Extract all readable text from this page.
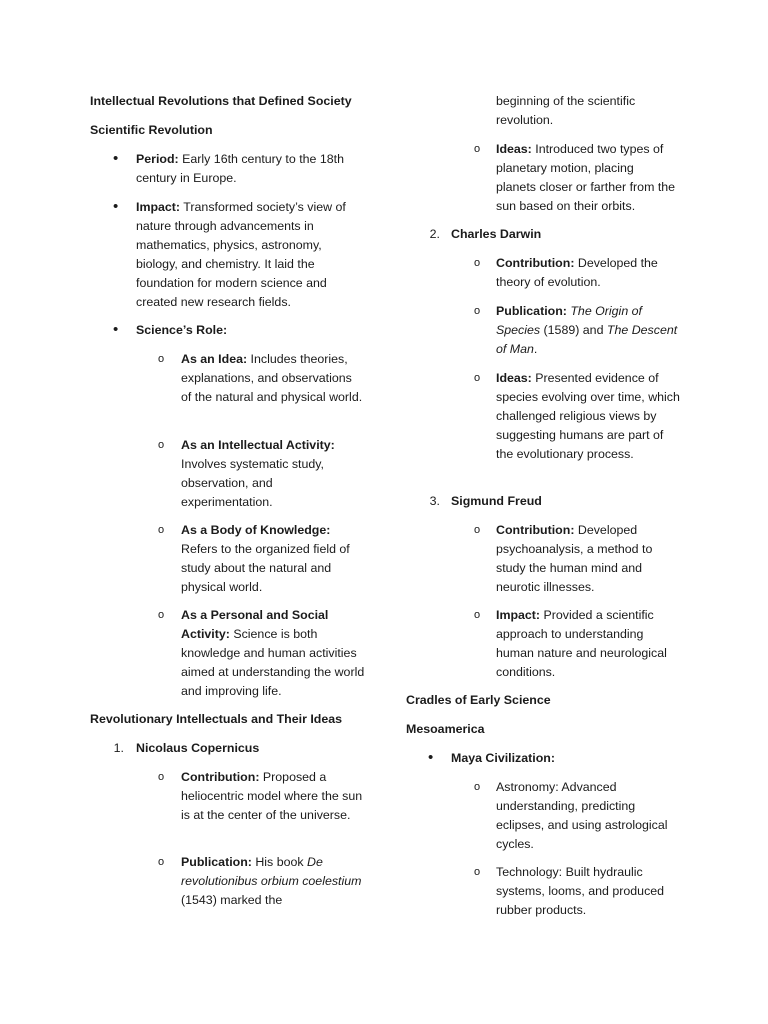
Intellectual Revolutions that Defined Society
Scientific Revolution
• Period: Early 16th century to the 18th century in Europe.
• Impact: Transformed society’s view of nature through advancements in mathematics, physics, astronomy, biology, and chemistry. It laid the foundation for modern science and created new research fields.
• Science’s Role:
o As an Idea: Includes theories, explanations, and observations of the natural and physical world.
o As an Intellectual Activity: Involves systematic study, observation, and experimentation.
o As a Body of Knowledge: Refers to the organized field of study about the natural and physical world.
o As a Personal and Social Activity: Science is both knowledge and human activities aimed at understanding the world and improving life.
Revolutionary Intellectuals and Their Ideas
1. Nicolaus Copernicus
o Contribution: Proposed a heliocentric model where the sun is at the center of the universe.
o Publication: His book De revolutionibus orbium coelestium (1543) marked the
beginning of the scientific revolution.
o Ideas: Introduced two types of planetary motion, placing planets closer or farther from the sun based on their orbits.
2. Charles Darwin
o Contribution: Developed the theory of evolution.
o Publication: The Origin of Species (1589) and The Descent of Man.
o Ideas: Presented evidence of species evolving over time, which challenged religious views by suggesting humans are part of the evolutionary process.
3. Sigmund Freud
o Contribution: Developed psychoanalysis, a method to study the human mind and neurotic illnesses.
o Impact: Provided a scientific approach to understanding human nature and neurological conditions.
Cradles of Early Science
Mesoamerica
• Maya Civilization:
o Astronomy: Advanced understanding, predicting eclipses, and using astrological cycles.
o Technology: Built hydraulic systems, looms, and produced rubber products.
